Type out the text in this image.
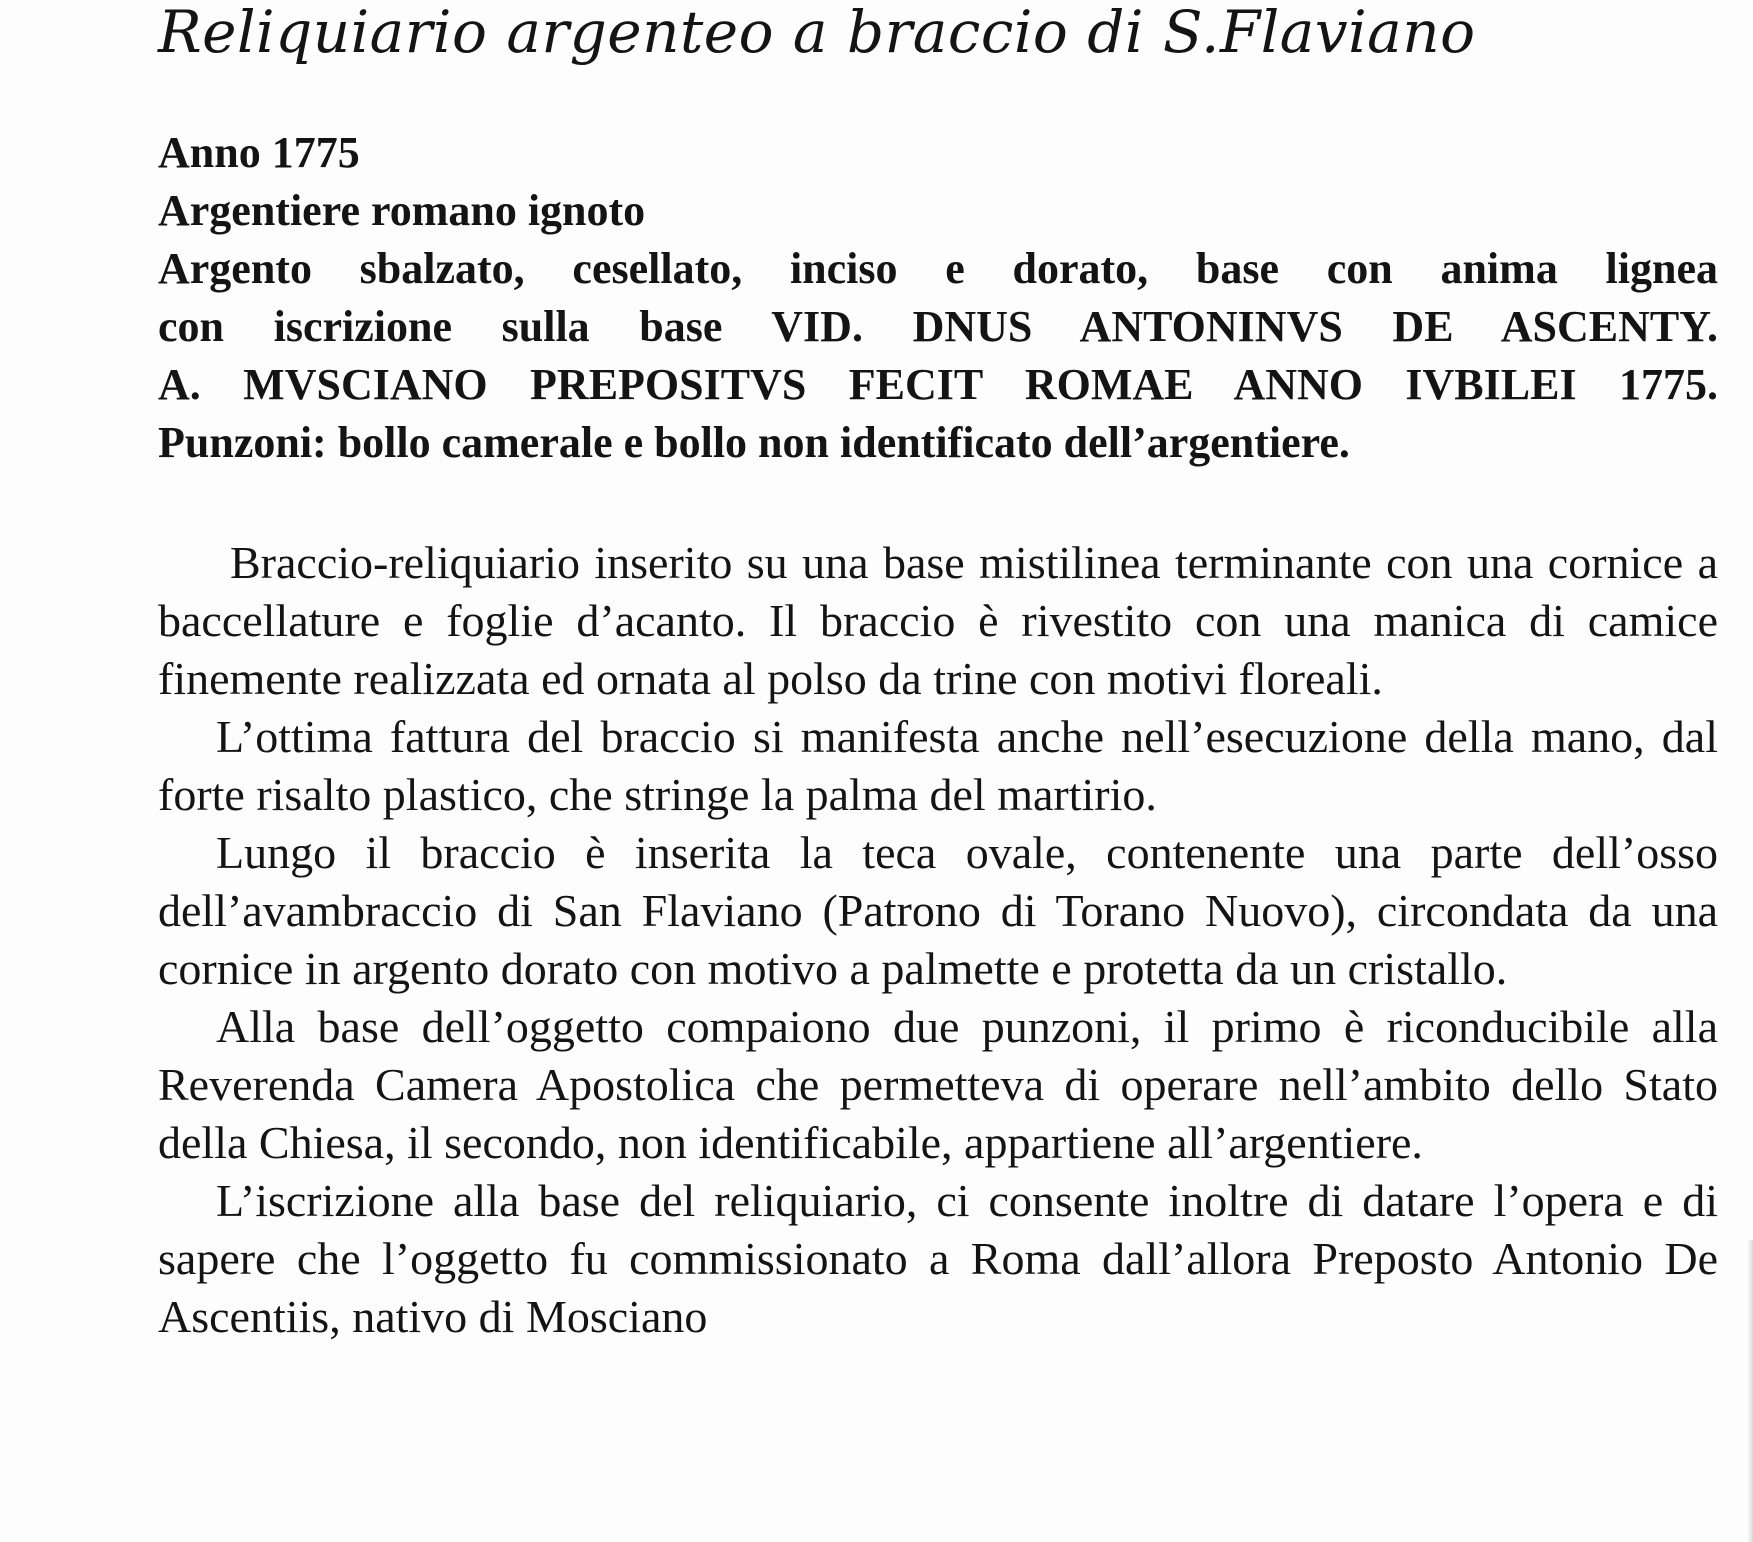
Reliquiario argenteo a braccio di S.Flaviano
Anno 1775
Argentiere romano ignoto
Argento sbalzato, cesellato, inciso e dorato, base con anima lignea
con iscrizione sulla base VID. DNUS ANTONINVS DE ASCENTY.
A. MVSCIANO PREPOSITVS FECIT ROMAE ANNO IVBILEI 1775.
Punzoni: bollo camerale e bollo non identificato dell’argentiere.

Braccio-reliquiario inserito su una base mistilinea terminante con una cornice a baccellature e foglie d’acanto. Il braccio è rivestito con una manica di camice finemente realizzata ed ornata al polso da trine con motivi floreali.

L’ottima fattura del braccio si manifesta anche nell’esecuzione della mano, dal forte risalto plastico, che stringe la palma del martirio.

Lungo il braccio è inserita la teca ovale, contenente una parte dell’osso dell’avambraccio di San Flaviano (Patrono di Torano Nuovo), circondata da una cornice in argento dorato con motivo a palmette e protetta da un cristallo.

Alla base dell’oggetto compaiono due punzoni, il primo è riconducibile alla Reverenda Camera Apostolica che permetteva di operare nell’ambito dello Stato della Chiesa, il secondo, non identificabile, appartiene all’argentiere.

L’iscrizione alla base del reliquiario, ci consente inoltre di datare l’opera e di sapere che l’oggetto fu commissionato a Roma dall’allora Preposto Antonio De Ascentiis, nativo di Mosciano
